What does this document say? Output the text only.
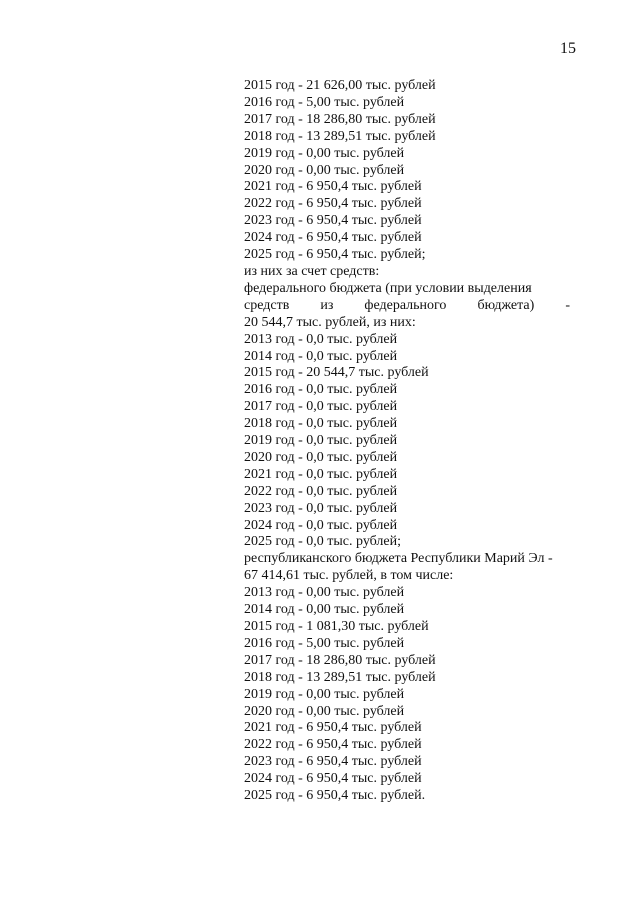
15
2015 год - 21 626,00 тыс. рублей
2016 год - 5,00 тыс. рублей
2017 год - 18 286,80 тыс. рублей
2018 год - 13 289,51 тыс. рублей
2019 год - 0,00 тыс. рублей
2020 год - 0,00 тыс. рублей
2021 год - 6 950,4 тыс. рублей
2022 год - 6 950,4 тыс. рублей
2023 год - 6 950,4 тыс. рублей
2024 год - 6 950,4 тыс. рублей
2025 год - 6 950,4 тыс. рублей;
из них за счет средств:
федерального бюджета (при условии выделения
средств из федерального бюджета) -
20 544,7 тыс. рублей, из них:
2013 год - 0,0 тыс. рублей
2014 год - 0,0 тыс. рублей
2015 год - 20 544,7 тыс. рублей
2016 год - 0,0 тыс. рублей
2017 год - 0,0 тыс. рублей
2018 год - 0,0 тыс. рублей
2019 год - 0,0 тыс. рублей
2020 год - 0,0 тыс. рублей
2021 год - 0,0 тыс. рублей
2022 год - 0,0 тыс. рублей
2023 год - 0,0 тыс. рублей
2024 год - 0,0 тыс. рублей
2025 год - 0,0 тыс. рублей;
республиканского бюджета Республики Марий Эл -
67 414,61 тыс. рублей, в том числе:
2013 год - 0,00 тыс. рублей
2014 год - 0,00 тыс. рублей
2015 год - 1 081,30 тыс. рублей
2016 год - 5,00 тыс. рублей
2017 год - 18 286,80 тыс. рублей
2018 год - 13 289,51 тыс. рублей
2019 год - 0,00 тыс. рублей
2020 год - 0,00 тыс. рублей
2021 год - 6 950,4 тыс. рублей
2022 год - 6 950,4 тыс. рублей
2023 год - 6 950,4 тыс. рублей
2024 год - 6 950,4 тыс. рублей
2025 год - 6 950,4 тыс. рублей.
